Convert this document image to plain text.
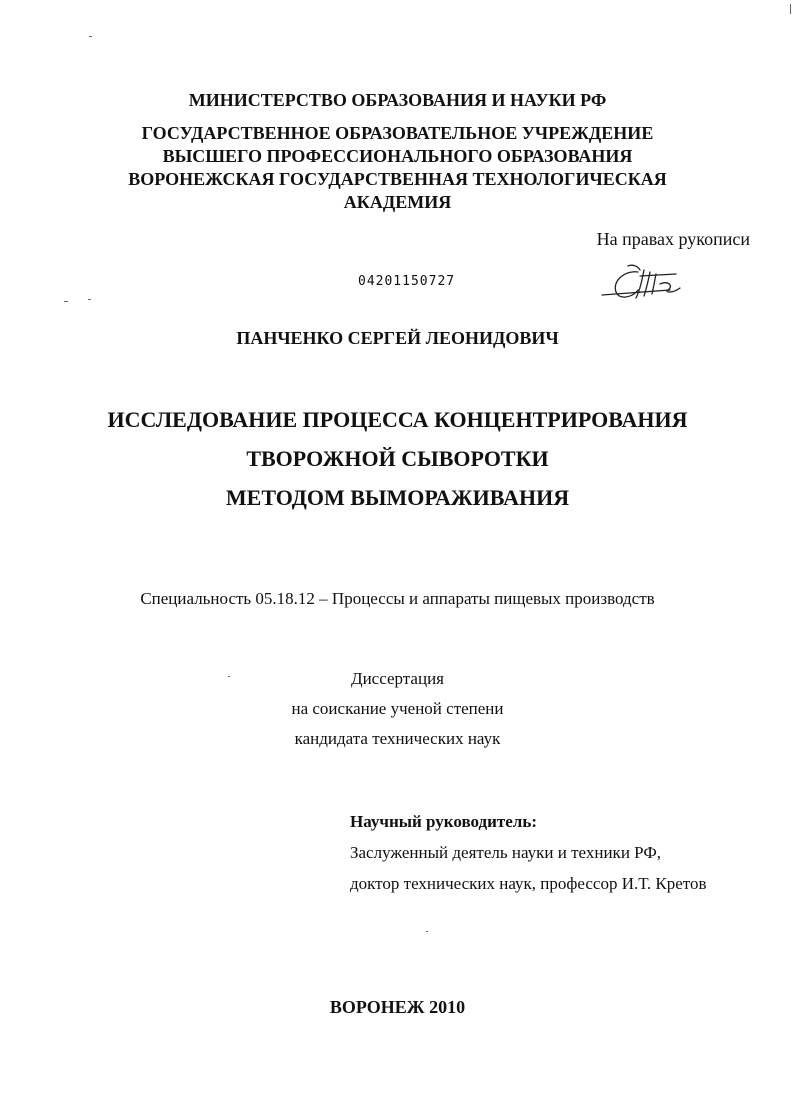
МИНИСТЕРСТВО ОБРАЗОВАНИЯ И НАУКИ РФ
ГОСУДАРСТВЕННОЕ ОБРАЗОВАТЕЛЬНОЕ УЧРЕЖДЕНИЕ
ВЫСШЕГО ПРОФЕССИОНАЛЬНОГО ОБРАЗОВАНИЯ
ВОРОНЕЖСКАЯ ГОСУДАРСТВЕННАЯ ТЕХНОЛОГИЧЕСКАЯ
АКАДЕМИЯ
На правах рукописи
04201150727
ПАНЧЕНКО СЕРГЕЙ ЛЕОНИДОВИЧ
ИССЛЕДОВАНИЕ ПРОЦЕССА КОНЦЕНТРИРОВАНИЯ
ТВОРОЖНОЙ СЫВОРОТКИ
МЕТОДОМ ВЫМОРАЖИВАНИЯ
Специальность 05.18.12 – Процессы и аппараты пищевых производств
Диссертация
на соискание ученой степени
кандидата технических наук
Научный руководитель:
Заслуженный деятель науки и техники РФ,
доктор технических наук, профессор И.Т. Кретов
ВОРОНЕЖ 2010
